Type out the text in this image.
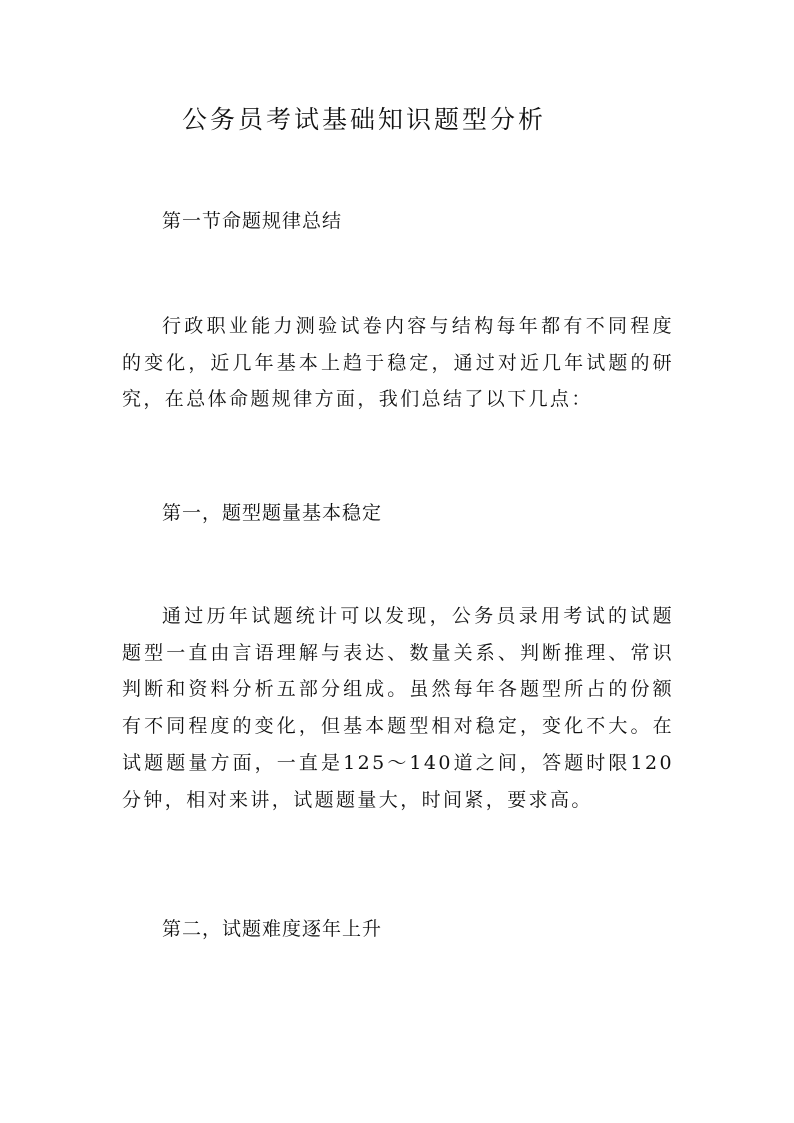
公务员考试基础知识题型分析
第一节命题规律总结

行政职业能力测验试卷内容与结构每年都有不同程度的变化，近几年基本上趋于稳定，通过对近几年试题的研究，在总体命题规律方面，我们总结了以下几点：

第一，题型题量基本稳定

通过历年试题统计可以发现，公务员录用考试的试题题型一直由言语理解与表达、数量关系、判断推理、常识判断和资料分析五部分组成。虽然每年各题型所占的份额有不同程度的变化，但基本题型相对稳定，变化不大。在试题题量方面，一直是125～140道之间，答题时限120分钟，相对来讲，试题题量大，时间紧，要求高。

第二，试题难度逐年上升
